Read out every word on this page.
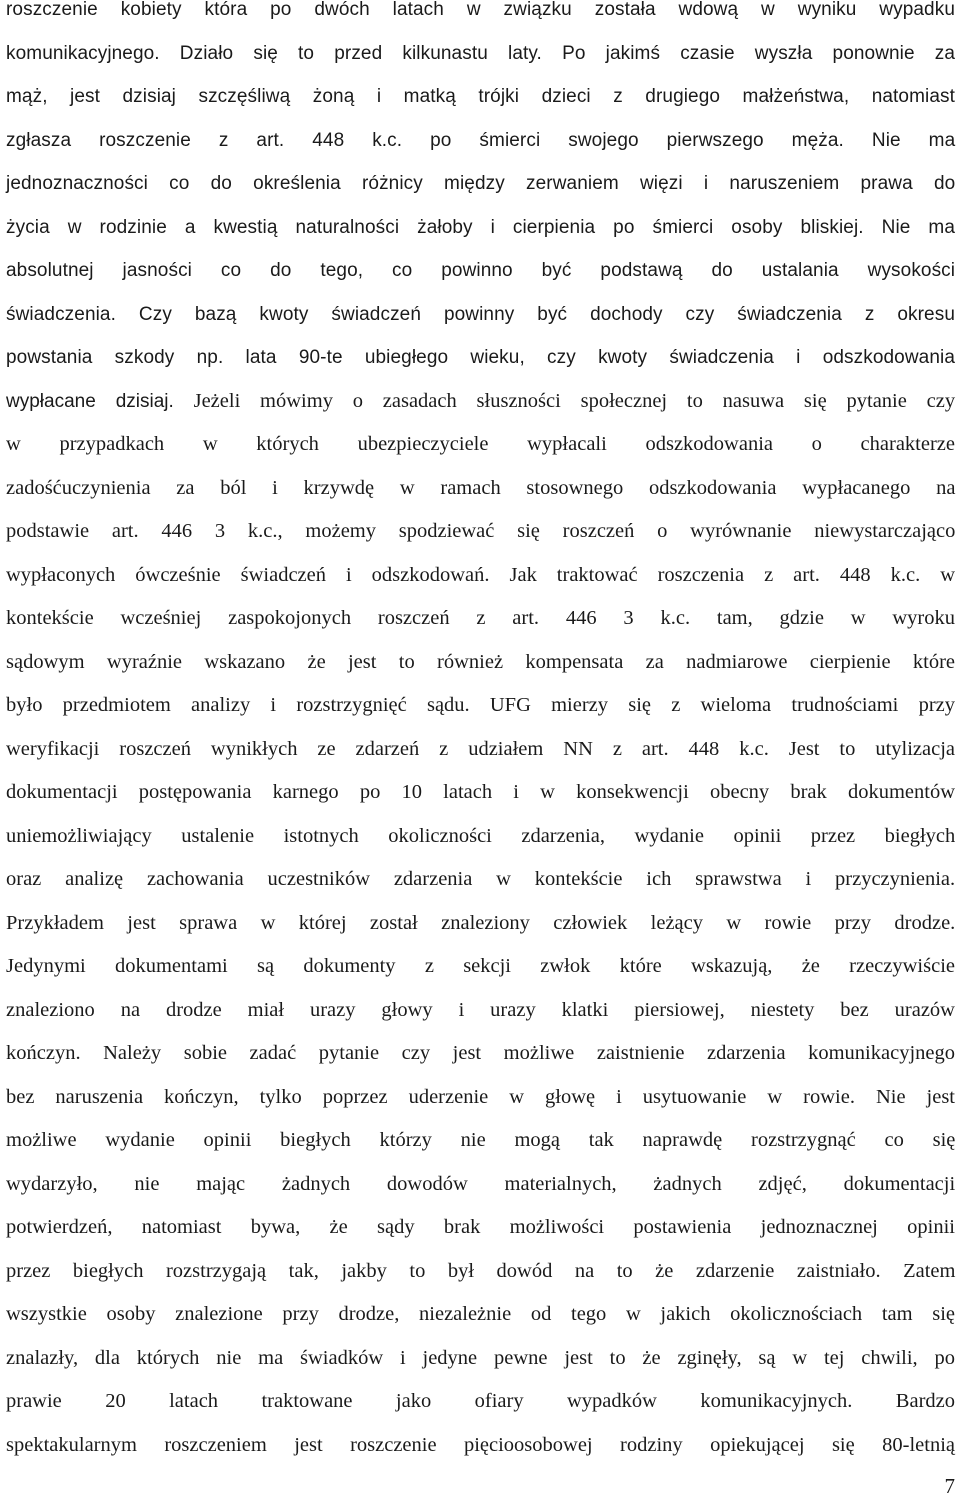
roszczenie kobiety która po dwóch latach w związku została wdową w wyniku wypadku
komunikacyjnego. Działo się to przed kilkunastu laty. Po jakimś czasie wyszła ponownie za
mąż, jest dzisiaj szczęśliwą żoną i matką trójki dzieci z drugiego małżeństwa, natomiast
zgłasza roszczenie z art. 448 k.c. po śmierci swojego pierwszego męża. Nie ma
jednoznaczności co do określenia różnicy między zerwaniem więzi i naruszeniem prawa do
życia w rodzinie a kwestią naturalności żałoby i cierpienia po śmierci osoby bliskiej. Nie ma
absolutnej jasności co do tego, co powinno być podstawą do ustalania wysokości
świadczenia. Czy bazą kwoty świadczeń powinny być dochody czy świadczenia z okresu
powstania szkody np. lata 90-te ubiegłego wieku, czy kwoty świadczenia i odszkodowania
wypłacane dzisiaj. Jeżeli mówimy o zasadach słuszności społecznej to nasuwa się pytanie czy
w przypadkach w których ubezpieczyciele wypłacali odszkodowania o charakterze
zadośćuczynienia za ból i krzywdę w ramach stosownego odszkodowania wypłacanego na
podstawie art. 446 3 k.c., możemy spodziewać się roszczeń o wyrównanie niewystarczająco
wypłaconych ówcześnie świadczeń i odszkodowań. Jak traktować roszczenia z art. 448 k.c. w
kontekście wcześniej zaspokojonych roszczeń z art. 446 3 k.c. tam, gdzie w wyroku
sądowym wyraźnie wskazano że jest to również kompensata za nadmiarowe cierpienie które
było przedmiotem analizy i rozstrzygnięć sądu. UFG mierzy się z wieloma trudnościami przy
weryfikacji roszczeń wynikłych ze zdarzeń z udziałem NN z art. 448 k.c. Jest to utylizacja
dokumentacji postępowania karnego po 10 latach i w konsekwencji obecny brak dokumentów
uniemożliwiający ustalenie istotnych okoliczności zdarzenia, wydanie opinii przez biegłych
oraz analizę zachowania uczestników zdarzenia w kontekście ich sprawstwa i przyczynienia.
Przykładem jest sprawa w której został znaleziony człowiek leżący w rowie przy drodze.
Jedynymi dokumentami są dokumenty z sekcji zwłok które wskazują, że rzeczywiście
znaleziono na drodze miał urazy głowy i urazy klatki piersiowej, niestety bez urazów
kończyn. Należy sobie zadać pytanie czy jest możliwe zaistnienie zdarzenia komunikacyjnego
bez naruszenia kończyn, tylko poprzez uderzenie w głowę i usytuowanie w rowie. Nie jest
możliwe wydanie opinii biegłych którzy nie mogą tak naprawdę rozstrzygnąć co się
wydarzyło, nie mając żadnych dowodów materialnych, żadnych zdjęć, dokumentacji
potwierdzeń, natomiast bywa, że sądy brak możliwości postawienia jednoznacznej opinii
przez biegłych rozstrzygają tak, jakby to był dowód na to że zdarzenie zaistniało. Zatem
wszystkie osoby znalezione przy drodze, niezależnie od tego w jakich okolicznościach tam się
znalazły, dla których nie ma świadków i jedyne pewne jest to że zginęły, są w tej chwili, po
prawie 20 latach traktowane jako ofiary wypadków komunikacyjnych. Bardzo
spektakularnym roszczeniem jest roszczenie pięcioosobowej rodziny opiekującej się 80-letnią
7
